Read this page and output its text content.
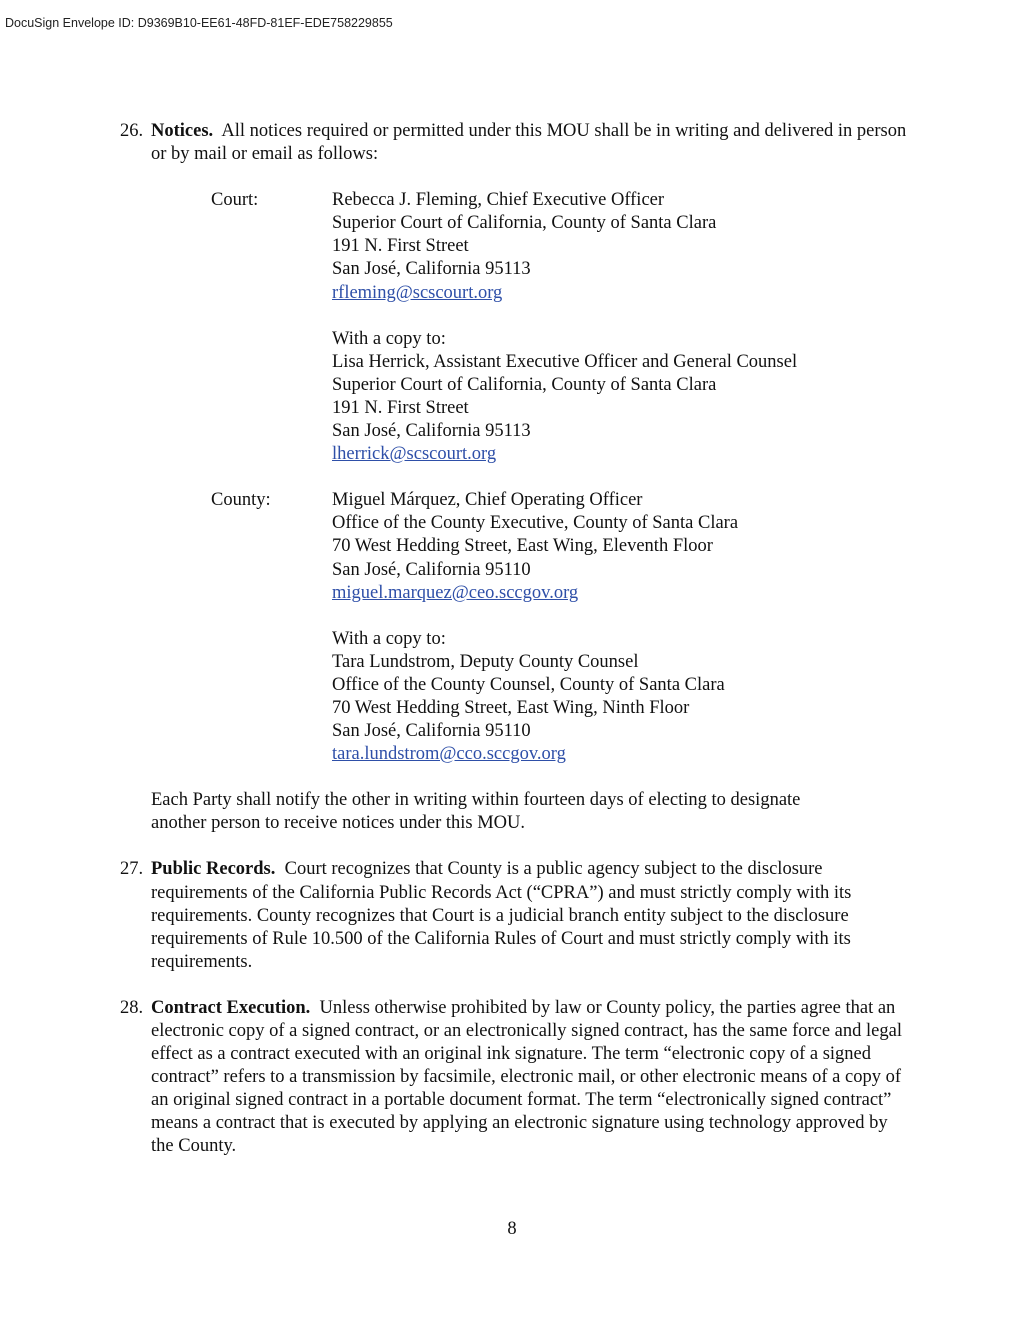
DocuSign Envelope ID: D9369B10-EE61-48FD-81EF-EDE758229855
26. Notices. All notices required or permitted under this MOU shall be in writing and delivered in person or by mail or email as follows:

Court:	Rebecca J. Fleming, Chief Executive Officer
Superior Court of California, County of Santa Clara
191 N. First Street
San José, California 95113
rfleming@scscourt.org
With a copy to:
Lisa Herrick, Assistant Executive Officer and General Counsel
Superior Court of California, County of Santa Clara
191 N. First Street
San José, California 95113
lherrick@scscourt.org
County:	Miguel Márquez, Chief Operating Officer
Office of the County Executive, County of Santa Clara
70 West Hedding Street, East Wing, Eleventh Floor
San José, California 95110
miguel.marquez@ceo.sccgov.org
With a copy to:
Tara Lundstrom, Deputy County Counsel
Office of the County Counsel, County of Santa Clara
70 West Hedding Street, East Wing, Ninth Floor
San José, California 95110
tara.lundstrom@cco.sccgov.org
Each Party shall notify the other in writing within fourteen days of electing to designate
another person to receive notices under this MOU.
27. Public Records. Court recognizes that County is a public agency subject to the disclosure requirements of the California Public Records Act (“CPRA”) and must strictly comply with its requirements. County recognizes that Court is a judicial branch entity subject to the disclosure requirements of Rule 10.500 of the California Rules of Court and must strictly comply with its requirements.

28. Contract Execution. Unless otherwise prohibited by law or County policy, the parties agree that an electronic copy of a signed contract, or an electronically signed contract, has the same force and legal effect as a contract executed with an original ink signature. The term “electronic copy of a signed contract” refers to a transmission by facsimile, electronic mail, or other electronic means of a copy of an original signed contract in a portable document format. The term “electronically signed contract” means a contract that is executed by applying an electronic signature using technology approved by the County.

8
